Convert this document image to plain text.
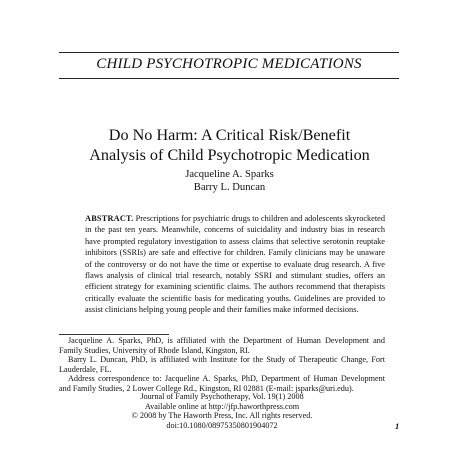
CHILD PSYCHOTROPIC MEDICATIONS
Do No Harm: A Critical Risk/Benefit
Analysis of Child Psychotropic Medication
Jacqueline A. Sparks
Barry L. Duncan
ABSTRACT. Prescriptions for psychiatric drugs to children and adolescents skyrocketed in the past ten years. Meanwhile, concerns of suicidality and industry bias in research have prompted regulatory investigation to assess claims that selective serotonin reuptake inhibitors (SSRIs) are safe and effective for children. Family clinicians may be unaware of the controversy or do not have the time or expertise to evaluate drug research. A five flaws analysis of clinical trial research, notably SSRI and stimulant studies, offers an efficient strategy for examining scientific claims. The authors recommend that therapists critically evaluate the scientific basis for medicating youths. Guidelines are provided to assist clinicians helping young people and their families make informed decisions.

Jacqueline A. Sparks, PhD, is affiliated with the Department of Human Development and Family Studies, University of Rhode Island, Kingston, RI.

Barry L. Duncan, PhD, is affiliated with Institute for the Study of Therapeutic Change, Fort Lauderdale, FL.

Address correspondence to: Jacqueline A. Sparks, PhD, Department of Human Development and Family Studies, 2 Lower College Rd., Kingston, RI 02881 (E-mail: jsparks@uri.edu).

Journal of Family Psychotherapy, Vol. 19(1) 2008
Available online at http://jfp.haworthpress.com
© 2008 by The Haworth Press, Inc. All rights reserved.
doi:10.1080/08975350801904072	1
